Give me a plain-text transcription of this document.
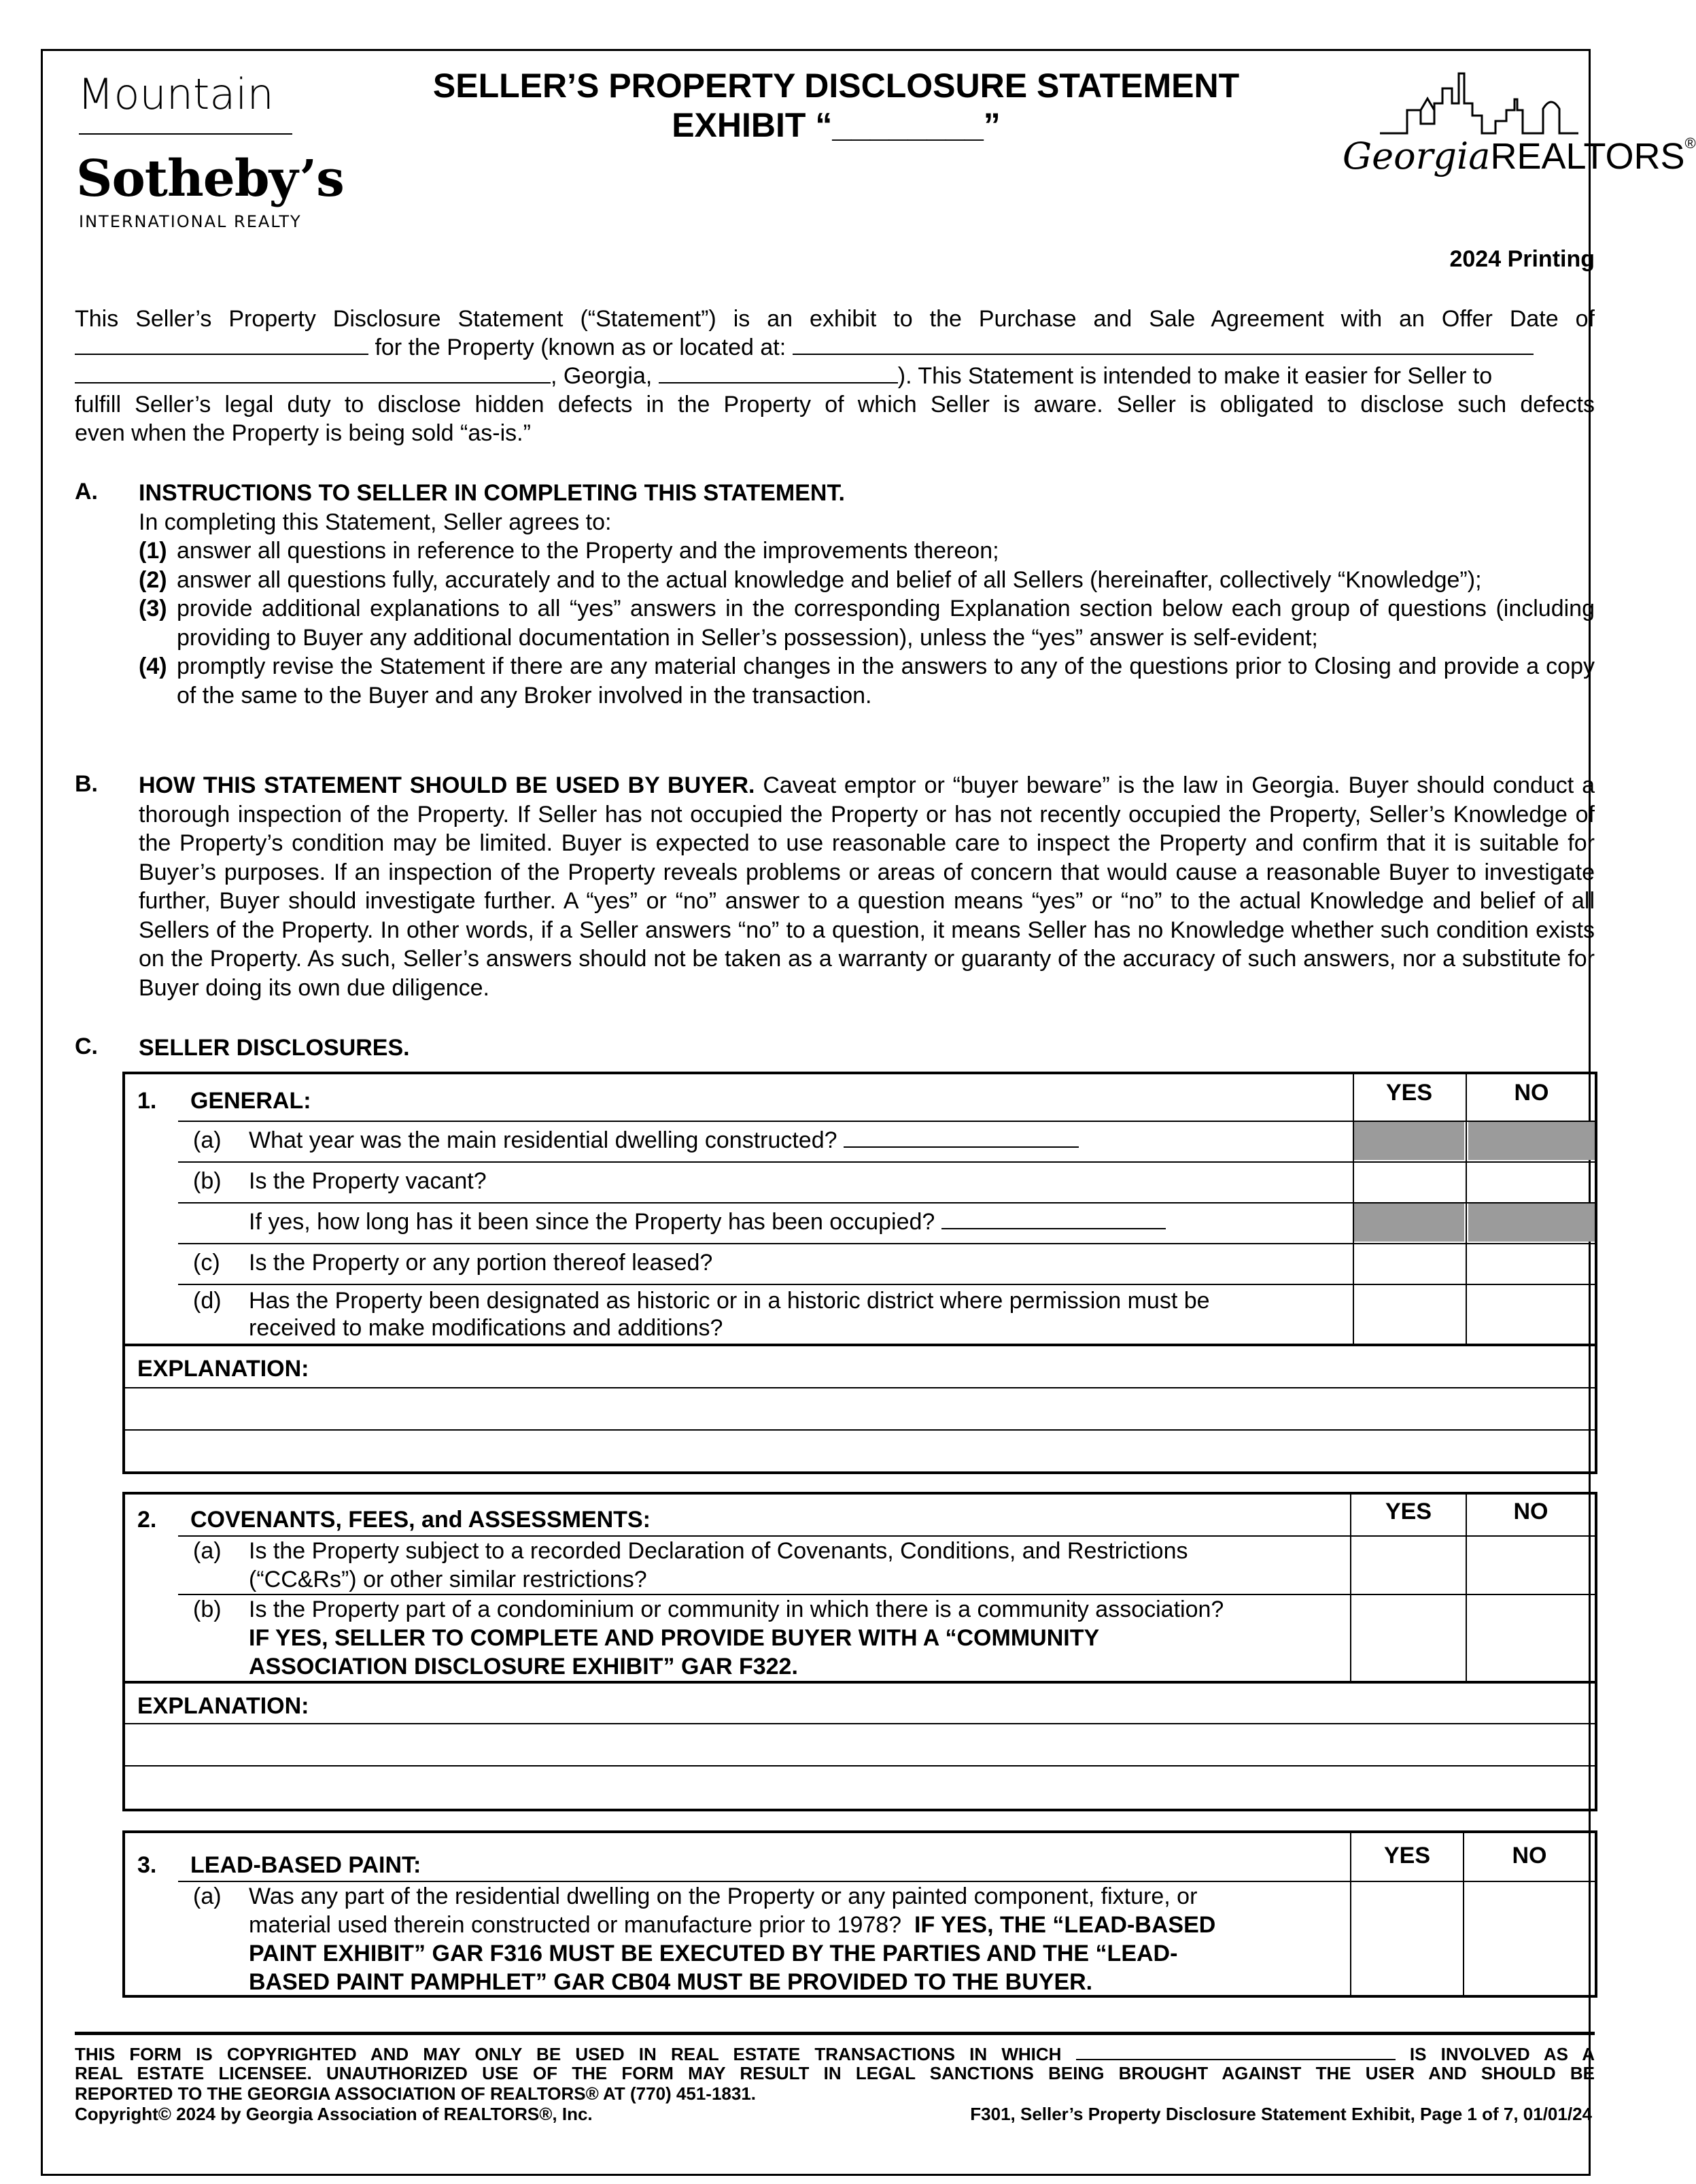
Mountain
Sotheby’s
INTERNATIONAL REALTY
GeorgiaREALTORS®
SELLER’S PROPERTY DISCLOSURE STATEMENT
EXHIBIT “________”
2024 Printing
This Seller’s Property Disclosure Statement (“Statement”) is an exhibit to the Purchase and Sale Agreement with an Offer Date of
for the Property (known as or located at:
, Georgia,	). This Statement is intended to make it easier for Seller to
fulfill Seller’s legal duty to disclose hidden defects in the Property of which Seller is aware. Seller is obligated to disclose such defects
even when the Property is being sold “as-is.”
A. INSTRUCTIONS TO SELLER IN COMPLETING THIS STATEMENT.
In completing this Statement, Seller agrees to:
(1) answer all questions in reference to the Property and the improvements thereon;
(2) answer all questions fully, accurately and to the actual knowledge and belief of all Sellers (hereinafter, collectively “Knowledge”);
(3) provide additional explanations to all “yes” answers in the corresponding Explanation section below each group of questions (including providing to Buyer any additional documentation in Seller’s possession), unless the “yes” answer is self-evident;
(4) promptly revise the Statement if there are any material changes in the answers to any of the questions prior to Closing and provide a copy of the same to the Buyer and any Broker involved in the transaction.
B. HOW THIS STATEMENT SHOULD BE USED BY BUYER. Caveat emptor or “buyer beware” is the law in Georgia. Buyer should conduct a thorough inspection of the Property. If Seller has not occupied the Property or has not recently occupied the Property, Seller’s Knowledge of the Property’s condition may be limited. Buyer is expected to use reasonable care to inspect the Property and confirm that it is suitable for Buyer’s purposes. If an inspection of the Property reveals problems or areas of concern that would cause a reasonable Buyer to investigate further, Buyer should investigate further. A “yes” or “no” answer to a question means “yes” or “no” to the actual Knowledge and belief of all Sellers of the Property. In other words, if a Seller answers “no” to a question, it means Seller has no Knowledge whether such condition exists on the Property. As such, Seller’s answers should not be taken as a warranty or guaranty of the accuracy of such answers, nor a substitute for Buyer doing its own due diligence.
C. SELLER DISCLOSURES.
1. GENERAL:	YES	NO
(a) What year was the main residential dwelling constructed?
(b) Is the Property vacant?
If yes, how long has it been since the Property has been occupied?
(c) Is the Property or any portion thereof leased?
(d) Has the Property been designated as historic or in a historic district where permission must be
received to make modifications and additions?
EXPLANATION:
2. COVENANTS, FEES, and ASSESSMENTS:	YES	NO
(a) Is the Property subject to a recorded Declaration of Covenants, Conditions, and Restrictions
(“CC&Rs”) or other similar restrictions?
(b) Is the Property part of a condominium or community in which there is a community association?
IF YES, SELLER TO COMPLETE AND PROVIDE BUYER WITH A “COMMUNITY
ASSOCIATION DISCLOSURE EXHIBIT” GAR F322.
EXPLANATION:
3. LEAD-BASED PAINT:	YES	NO
(a) Was any part of the residential dwelling on the Property or any painted component, fixture, or
material used therein constructed or manufacture prior to 1978? IF YES, THE “LEAD-BASED
PAINT EXHIBIT” GAR F316 MUST BE EXECUTED BY THE PARTIES AND THE “LEAD-
BASED PAINT PAMPHLET” GAR CB04 MUST BE PROVIDED TO THE BUYER.
THIS FORM IS COPYRIGHTED AND MAY ONLY BE USED IN REAL ESTATE TRANSACTIONS IN WHICH	IS INVOLVED AS A
REAL ESTATE LICENSEE. UNAUTHORIZED USE OF THE FORM MAY RESULT IN LEGAL SANCTIONS BEING BROUGHT AGAINST THE USER AND SHOULD BE
REPORTED TO THE GEORGIA ASSOCIATION OF REALTORS® AT (770) 451-1831.
Copyright© 2024 by Georgia Association of REALTORS®, Inc.	F301, Seller’s Property Disclosure Statement Exhibit, Page 1 of 7, 01/01/24
